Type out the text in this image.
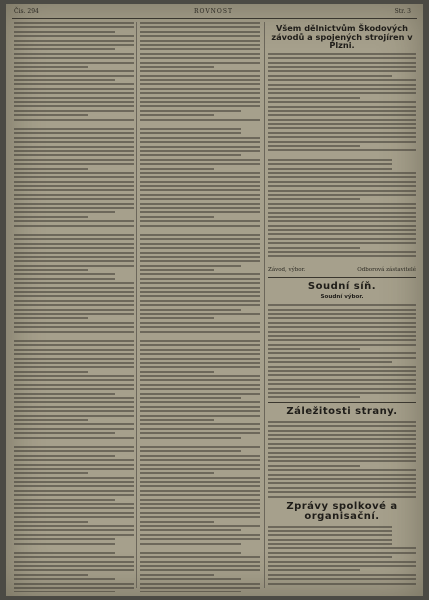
Čis. 294	ROVNOST	Str. 3
Všem dělnictvům Škodových závodů a spojených strojíren v Plzni.
Závod, výbor.	Odborová zástavitelé
Soudní síň.
Soudní výbor.
Záležitosti strany.
Zprávy spolkové a organisační.
